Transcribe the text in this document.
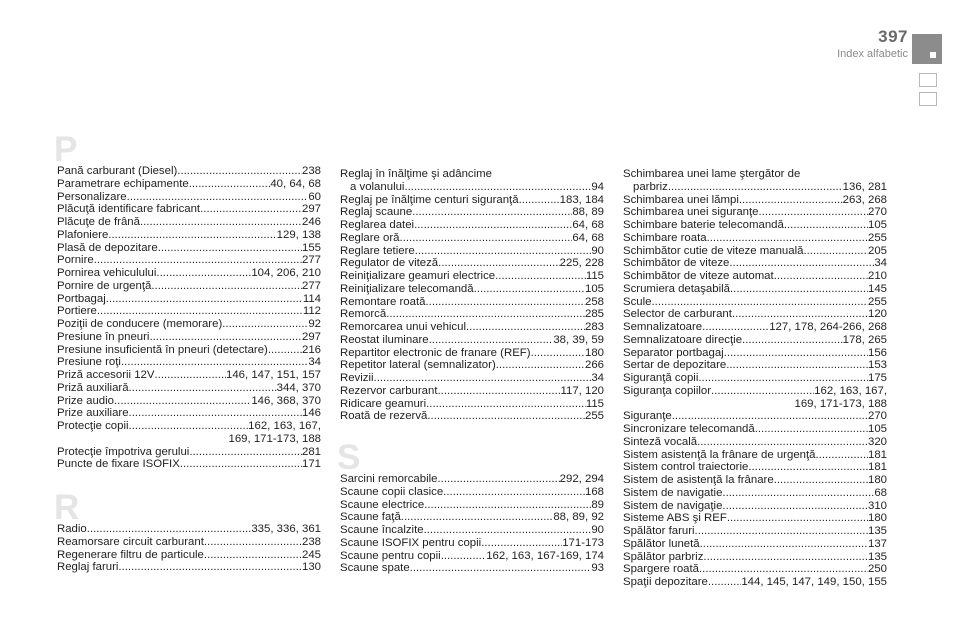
397
Index alfabetic
P
Pană carburant (Diesel) .....	238
Parametrare echipamente .....	40, 64, 68
Personalizare .....	60
Plăcuţă identificare fabricant .....	297
Plăcuţe de frână .....	246
Plafoniere .....	129, 138
Plasă de depozitare .....	155
Pornire .....	277
Pornirea vehiculului .....	104, 206, 210
Pornire de urgenţă .....	277
Portbagaj .....	114
Portiere .....	112
Poziţii de conducere (memorare) .....	92
Presiune în pneuri .....	297
Presiune insuficientă în pneuri (detectare) .....	216
Presiune roţi .....	34
Priză accesorii 12V .....	146, 147, 151, 157
Priză auxiliară .....	344, 370
Prize audio .....	146, 368, 370
Prize auxiliare .....	146
Protecţie copii .....	162, 163, 167,
169, 171-173, 188
Protecţie împotriva gerului .....	281
Puncte de fixare ISOFIX .....	171
R
Radio .....	335, 336, 361
Reamorsare circuit carburant .....	238
Regenerare filtru de particule .....	245
Reglaj faruri .....	130
Reglaj în înălţime şi adâncime
a volanului .....	94
Reglaj pe înălţime centuri siguranţă .....	183, 184
Reglaj scaune .....	88, 89
Reglarea datei .....	64, 68
Reglare oră .....	64, 68
Reglare tetiere .....	90
Regulator de viteză .....	225, 228
Reiniţializare geamuri electrice .....	115
Reiniţializare telecomandă .....	105
Remontare roată .....	258
Remorcă .....	285
Remorcarea unui vehicul .....	283
Reostat iluminare .....	38, 39, 59
Repartitor electronic de franare (REF) .....	180
Repetitor lateral (semnalizator) .....	266
Revizii .....	34
Rezervor carburant .....	117, 120
Ridicare geamuri .....	115
Roată de rezervă .....	255
S
Sarcini remorcabile .....	292, 294
Scaune copii clasice .....	168
Scaune electrice .....	89
Scaune faţă .....	88, 89, 92
Scaune încalzite .....	90
Scaune ISOFIX pentru copii .....	171-173
Scaune pentru copii .....	162, 163, 167-169, 174
Scaune spate .....	93
Schimbarea unei lame ştergător de
parbriz .....	136, 281
Schimbarea unei lămpi .....	263, 268
Schimbarea unei siguranţe .....	270
Schimbare baterie telecomandă .....	105
Schimbare roata .....	255
Schimbător cutie de viteze manuală .....	205
Schimbător de viteze .....	34
Schimbător de viteze automat .....	210
Scrumiera detaşabilă .....	145
Scule .....	255
Selector de carburant .....	120
Semnalizatoare .....	127, 178, 264-266, 268
Semnalizatoare direcţie .....	178, 265
Separator portbagaj .....	156
Sertar de depozitare .....	153
Siguranţă copii .....	175
Siguranţa copiilor .....	162, 163, 167,
169, 171-173, 188
Siguranţe .....	270
Sincronizare telecomandă .....	105
Sinteză vocală .....	320
Sistem asistenţă la frânare de urgenţă .....	181
Sistem control traiectorie .....	181
Sistem de asistenţă la frânare .....	180
Sistem de navigatie .....	68
Sistem de navigaţie .....	310
Sisteme ABS şi REF .....	180
Spălător faruri .....	135
Spălător lunetă .....	137
Spălător parbriz .....	135
Spargere roată .....	250
Spaţii depozitare .....	144, 145, 147, 149, 150, 155
